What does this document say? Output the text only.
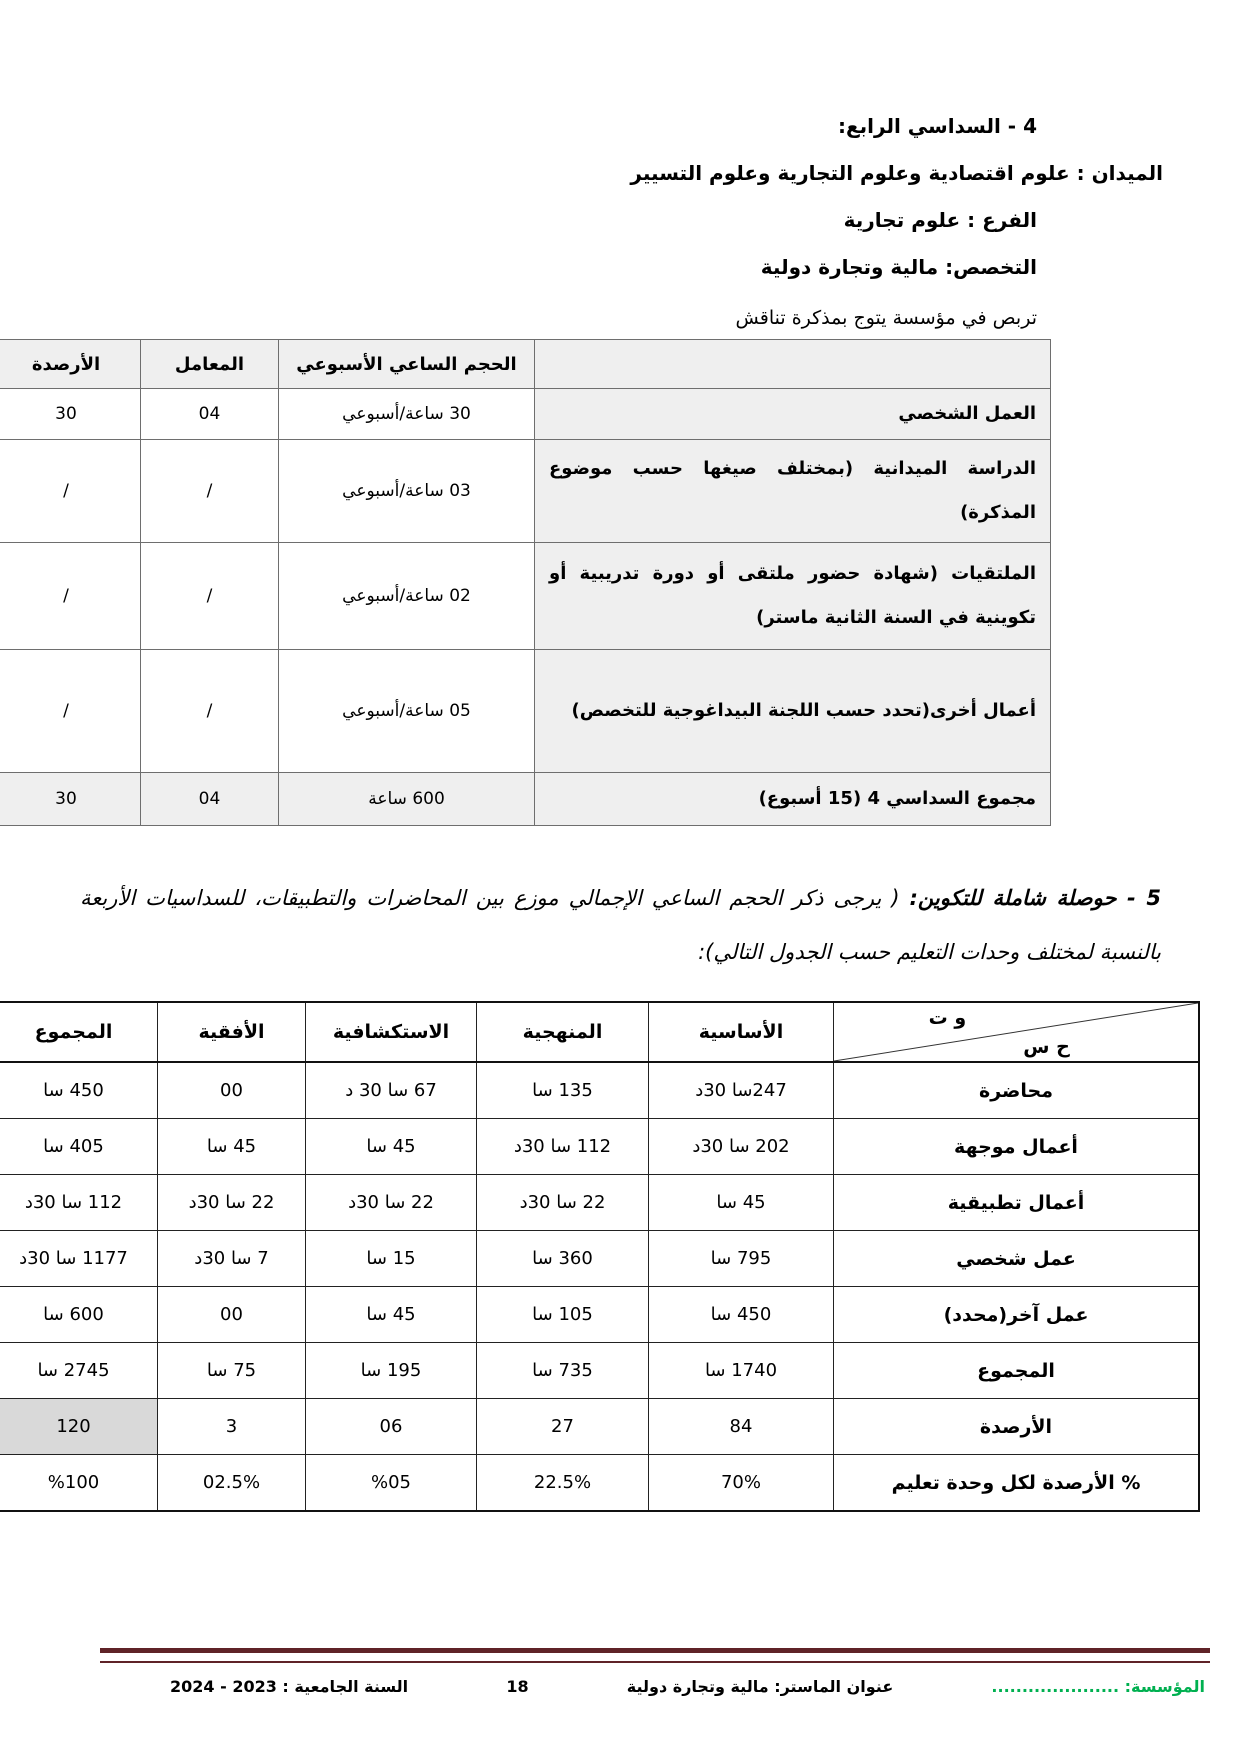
4 - السداسي الرابع:
الميدان : علوم اقتصادية وعلوم التجارية وعلوم التسيير
الفرع : علوم تجارية
التخصص: مالية وتجارة دولية
تربص في مؤسسة يتوج بمذكرة تناقش
	الحجم الساعي الأسبوعي	المعامل	الأرصدة
العمل الشخصي	30 ساعة/أسبوعي	04	30
الدراسة الميدانية (بمختلف صيغها حسب موضوع المذكرة)	03 ساعة/أسبوعي	/	/
الملتقيات (شهادة حضور ملتقى أو دورة تدريبية أو تكوينية في السنة الثانية ماستر)	02 ساعة/أسبوعي	/	/
أعمال أخرى(تحدد حسب اللجنة البيداغوجية للتخصص)	05 ساعة/أسبوعي	/	/
مجموع السداسي 4 (15 أسبوع)	600 ساعة	04	30
5 - حوصلة شاملة للتكوين: ( يرجى ذكر الحجم الساعي الإجمالي موزع بين المحاضرات والتطبيقات، للسداسيات الأربعة بالنسبة لمختلف وحدات التعليم حسب الجدول التالي):
و ت
ح س	الأساسية	المنهجية	الاستكشافية	الأفقية	المجموع
محاضرة	247سا 30د	135 سا	67 سا 30 د	00	450 سا
أعمال موجهة	202 سا 30د	112 سا 30د	45 سا	45 سا	405 سا
أعمال تطبيقية	45 سا	22 سا 30د	22 سا 30د	22 سا 30د	112 سا 30د
عمل شخصي	795 سا	360 سا	15 سا	7 سا 30د	1177 سا 30د
عمل آخر(محدد)	450 سا	105 سا	45 سا	00	600 سا
المجموع	1740 سا	735 سا	195 سا	75 سا	2745 سا
الأرصدة	84	27	06	3	120
% الأرصدة لكل وحدة تعليم	70%	22.5%	%05	02.5%	%100
المؤسسة: .....................
عنوان الماستر: مالية وتجارة دولية
18
السنة الجامعية : 2023 - 2024
